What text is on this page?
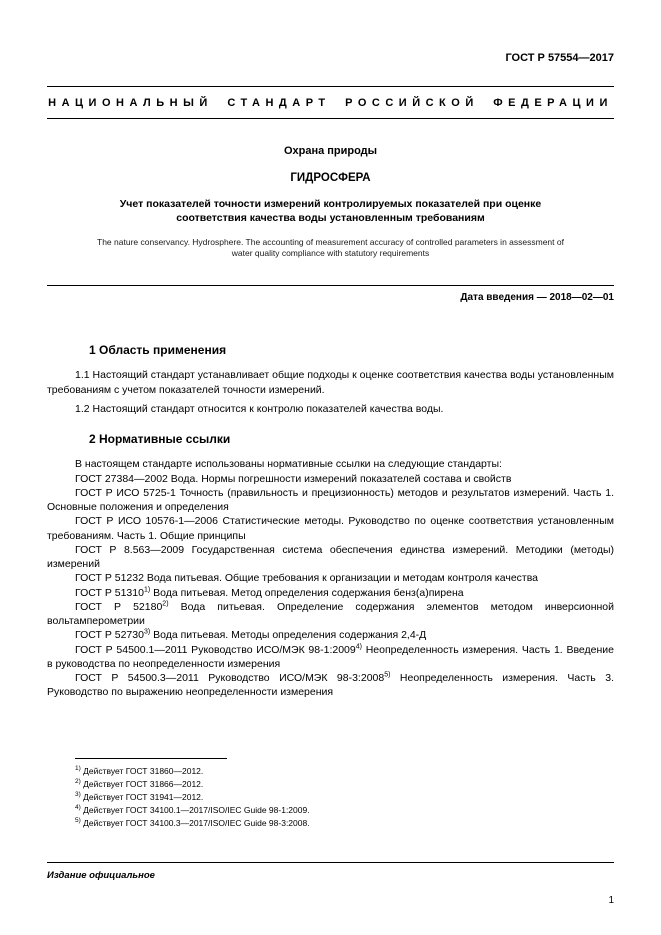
ГОСТ Р 57554—2017
НАЦИОНАЛЬНЫЙ СТАНДАРТ РОССИЙСКОЙ ФЕДЕРАЦИИ
Охрана природы
ГИДРОСФЕРА
Учет показателей точности измерений контролируемых показателей при оценке соответствия качества воды установленным требованиям
The nature conservancy. Hydrosphere. The accounting of measurement accuracy of controlled parameters in assessment of water quality compliance with statutory requirements
Дата введения — 2018—02—01
1 Область применения

1.1 Настоящий стандарт устанавливает общие подходы к оценке соответствия качества воды установленным требованиям с учетом показателей точности измерений.

1.2 Настоящий стандарт относится к контролю показателей качества воды.

2 Нормативные ссылки

В настоящем стандарте использованы нормативные ссылки на следующие стандарты:

ГОСТ 27384—2002 Вода. Нормы погрешности измерений показателей состава и свойств

ГОСТ Р ИСО 5725-1 Точность (правильность и прецизионность) методов и результатов измерений. Часть 1. Основные положения и определения

ГОСТ Р ИСО 10576-1—2006 Статистические методы. Руководство по оценке соответствия установленным требованиям. Часть 1. Общие принципы

ГОСТ Р 8.563—2009 Государственная система обеспечения единства измерений. Методики (методы) измерений

ГОСТ Р 51232 Вода питьевая. Общие требования к организации и методам контроля качества

ГОСТ Р 51310$^{1)}$ Вода питьевая. Метод определения содержания бенз(а)пирена

ГОСТ Р 52180$^{2)}$ Вода питьевая. Определение содержания элементов методом инверсионной вольтамперометрии

ГОСТ Р 52730$^{3)}$ Вода питьевая. Методы определения содержания 2,4-Д

ГОСТ Р 54500.1—2011 Руководство ИСО/МЭК 98-1:2009$^{4)}$ Неопределенность измерения. Часть 1. Введение в руководства по неопределенности измерения

ГОСТ Р 54500.3—2011 Руководство ИСО/МЭК 98-3:2008$^{5)}$ Неопределенность измерения. Часть 3. Руководство по выражению неопределенности измерения

$^{1)}$ Действует ГОСТ 31860—2012.

$^{2)}$ Действует ГОСТ 31866—2012.

$^{3)}$ Действует ГОСТ 31941—2012.

$^{4)}$ Действует ГОСТ 34100.1—2017/ISO/IEC Guide 98-1:2009.

$^{5)}$ Действует ГОСТ 34100.3—2017/ISO/IEC Guide 98-3:2008.

Издание официальное
1
